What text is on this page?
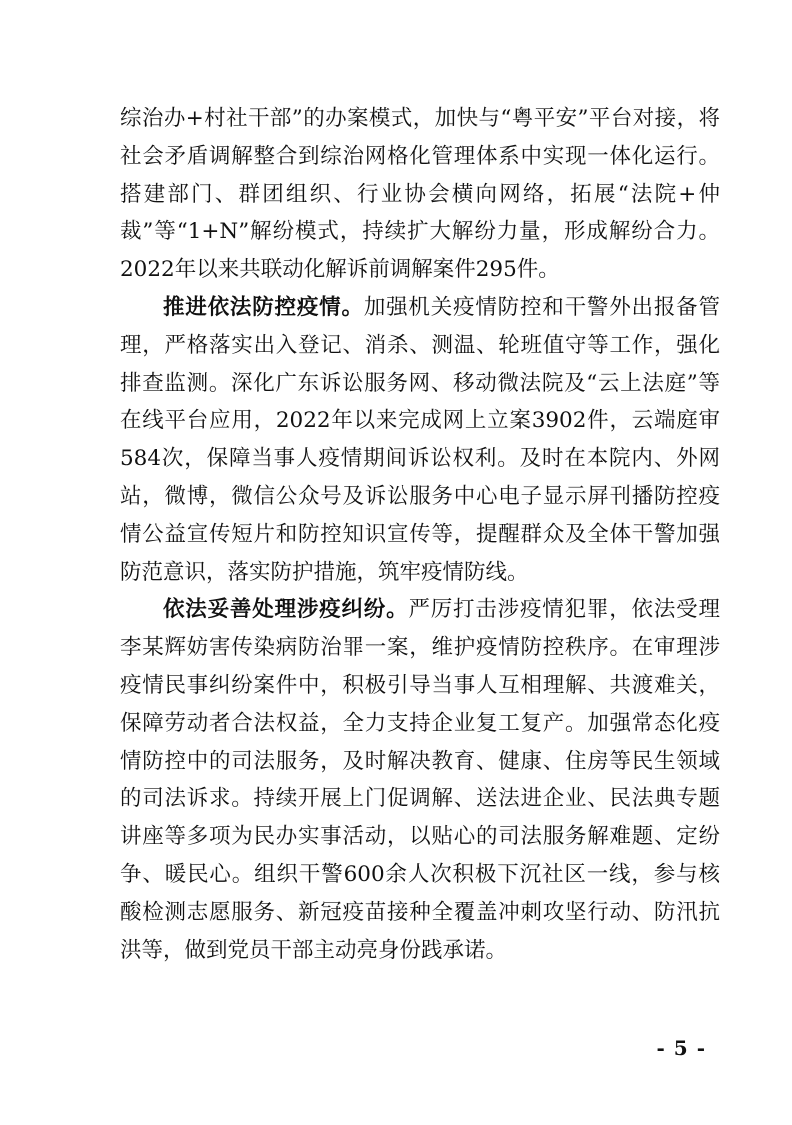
综治办+村社干部”的办案模式，加快与“粤平安”平台对接，将社会矛盾调解整合到综治网格化管理体系中实现一体化运行。搭建部门、群团组织、行业协会横向网络，拓展“法院+仲裁”等“1+N”解纷模式，持续扩大解纷力量，形成解纷合力。2022年以来共联动化解诉前调解案件295件。

推进依法防控疫情。加强机关疫情防控和干警外出报备管理，严格落实出入登记、消杀、测温、轮班值守等工作，强化排查监测。深化广东诉讼服务网、移动微法院及“云上法庭”等在线平台应用，2022年以来完成网上立案3902件，云端庭审584次，保障当事人疫情期间诉讼权利。及时在本院内、外网站，微博，微信公众号及诉讼服务中心电子显示屏刊播防控疫情公益宣传短片和防控知识宣传等，提醒群众及全体干警加强防范意识，落实防护措施，筑牢疫情防线。

依法妥善处理涉疫纠纷。严厉打击涉疫情犯罪，依法受理李某辉妨害传染病防治罪一案，维护疫情防控秩序。在审理涉疫情民事纠纷案件中，积极引导当事人互相理解、共渡难关，保障劳动者合法权益，全力支持企业复工复产。加强常态化疫情防控中的司法服务，及时解决教育、健康、住房等民生领域的司法诉求。持续开展上门促调解、送法进企业、民法典专题讲座等多项为民办实事活动，以贴心的司法服务解难题、定纷争、暖民心。组织干警600余人次积极下沉社区一线，参与核酸检测志愿服务、新冠疫苗接种全覆盖冲刺攻坚行动、防汛抗洪等，做到党员干部主动亮身份践承诺。

- 5 -
